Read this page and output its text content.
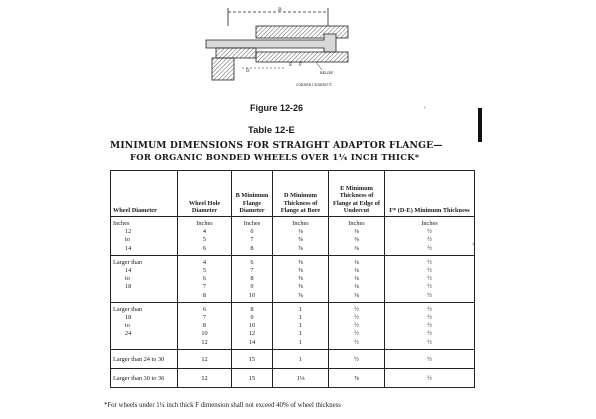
B
D
E F
RELIEF
CORNER UNDERCUT
Figure 12-26	'
Table 12-E
MINIMUM DIMENSIONS FOR STRAIGHT ADAPTOR FLANGE—
FOR ORGANIC BONDED WHEELS OVER 1¼ INCH THICK*
Wheel Diameter	Wheel Hole Diameter	B Minimum Flange Diameter	D Minimum Thickness of Flange at Bore	E Minimum Thickness of Flange at Edge of Undercut	F* (D-E) Minimum Thickness
Inches	Inches	Inches	Inches	Inches	Inches
12	4	6	⅜	⅜	½
to	5	7	⅝	⅜	½
14	6	8	⅝	⅜	½
Larger than	4	6	⅝	⅜	½
14	5	7	⅝	⅜	½
to	6	8	⅝	⅜	½
18	7	9	⅝	⅜	½
	8	10	⅝	⅜	½
Larger than	6	8	1	½	½
18	7	9	1	½	½
to	8	10	1	½	½
24	10	12	1	½	½
	12	14	1	½	½
Larger than 24 to 30	12	15	1	½	½
Larger than 30 to 36	12	15	1⅛	⅝	½
‹
*For wheels under 1¼ inch thick F dimension shall not exceed 40% of wheel thickness
